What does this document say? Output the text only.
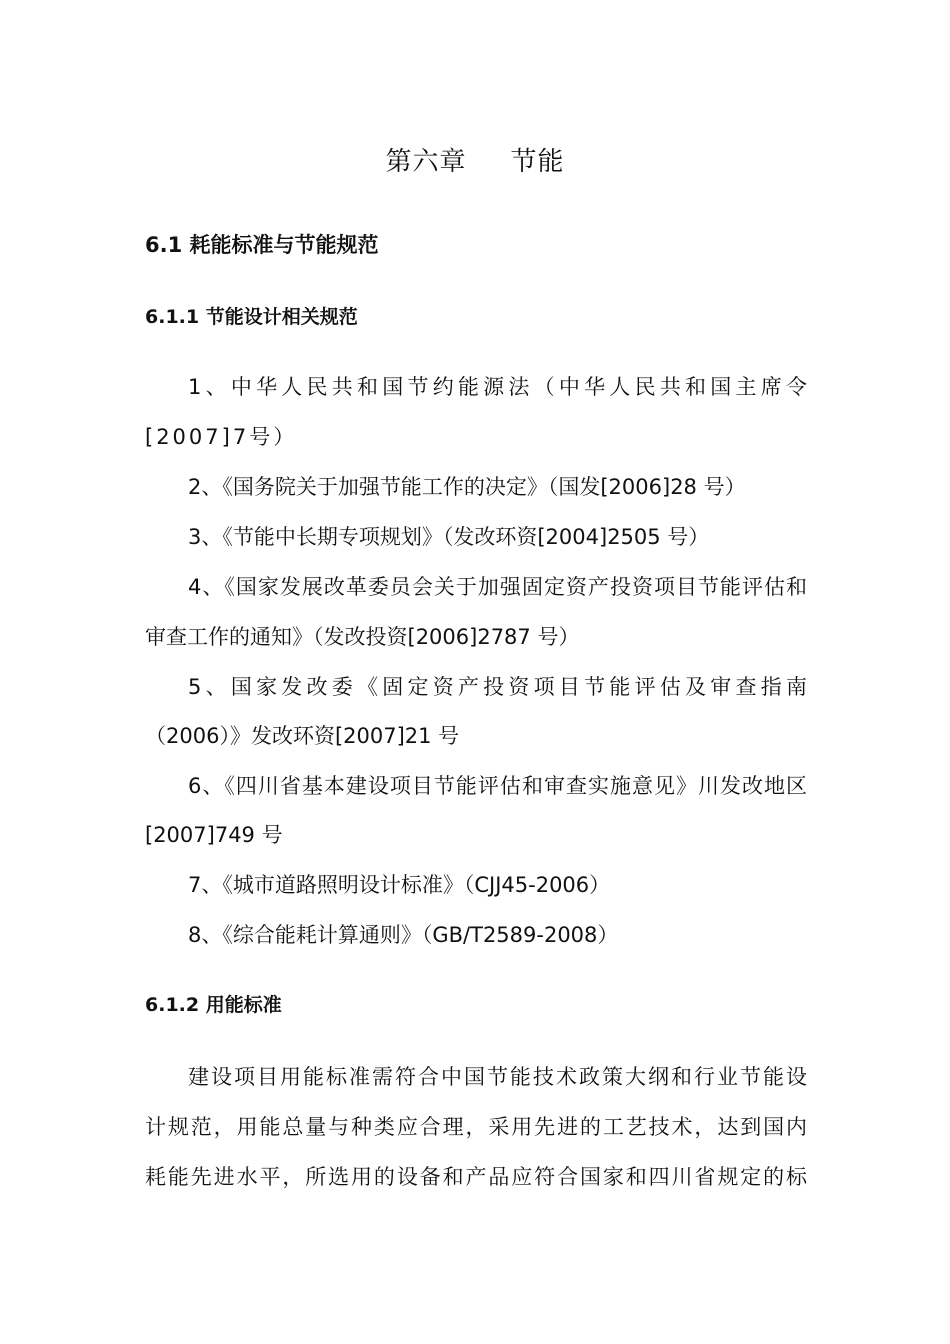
第六章 节能
6.1 耗能标准与节能规范
6.1.1 节能设计相关规范
1、中华人民共和国节约能源法（中华人民共和国主席令
[2007]7号）
2、《国务院关于加强节能工作的决定》（国发[2006]28 号）
3、《节能中长期专项规划》（发改环资[2004]2505 号）
4、《国家发展改革委员会关于加强固定资产投资项目节能评估和
审查工作的通知》（发改投资[2006]2787 号）
5、国家发改委《固定资产投资项目节能评估及审查指南
（2006）》发改环资[2007]21 号
6、《四川省基本建设项目节能评估和审查实施意见》川发改地区
[2007]749 号
7、《城市道路照明设计标准》（CJJ45-2006）
8、《综合能耗计算通则》（GB/T2589-2008）
6.1.2 用能标准
建设项目用能标准需符合中国节能技术政策大纲和行业节能设
计规范，用能总量与种类应合理，采用先进的工艺技术，达到国内
耗能先进水平，所选用的设备和产品应符合国家和四川省规定的标
